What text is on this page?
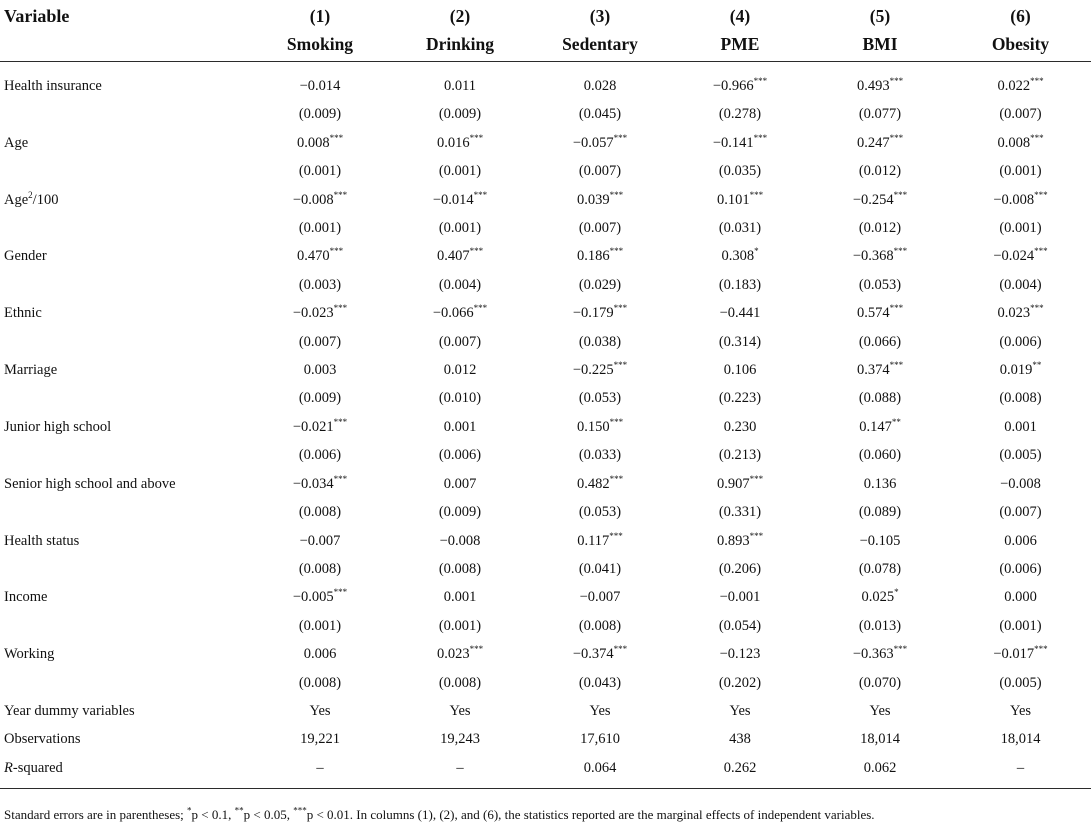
Variable	(1)	(2)	(3)	(4)	(5)	(6)
	Smoking	Drinking	Sedentary	PME	BMI	Obesity
Health insurance	−0.014	0.011	0.028	−0.966***	0.493***	0.022***
	(0.009)	(0.009)	(0.045)	(0.278)	(0.077)	(0.007)
Age	0.008***	0.016***	−0.057***	−0.141***	0.247***	0.008***
	(0.001)	(0.001)	(0.007)	(0.035)	(0.012)	(0.001)
Age$^2$/100	−0.008***	−0.014***	0.039***	0.101***	−0.254***	−0.008***
	(0.001)	(0.001)	(0.007)	(0.031)	(0.012)	(0.001)
Gender	0.470***	0.407***	0.186***	0.308*	−0.368***	−0.024***
	(0.003)	(0.004)	(0.029)	(0.183)	(0.053)	(0.004)
Ethnic	−0.023***	−0.066***	−0.179***	−0.441	0.574***	0.023***
	(0.007)	(0.007)	(0.038)	(0.314)	(0.066)	(0.006)
Marriage	0.003	0.012	−0.225***	0.106	0.374***	0.019**
	(0.009)	(0.010)	(0.053)	(0.223)	(0.088)	(0.008)
Junior high school	−0.021***	0.001	0.150***	0.230	0.147**	0.001
	(0.006)	(0.006)	(0.033)	(0.213)	(0.060)	(0.005)
Senior high school and above	−0.034***	0.007	0.482***	0.907***	0.136	−0.008
	(0.008)	(0.009)	(0.053)	(0.331)	(0.089)	(0.007)
Health status	−0.007	−0.008	0.117***	0.893***	−0.105	0.006
	(0.008)	(0.008)	(0.041)	(0.206)	(0.078)	(0.006)
Income	−0.005***	0.001	−0.007	−0.001	0.025*	0.000
	(0.001)	(0.001)	(0.008)	(0.054)	(0.013)	(0.001)
Working	0.006	0.023***	−0.374***	−0.123	−0.363***	−0.017***
	(0.008)	(0.008)	(0.043)	(0.202)	(0.070)	(0.005)
Year dummy variables	Yes	Yes	Yes	Yes	Yes	Yes
Observations	19,221	19,243	17,610	438	18,014	18,014
R-squared	–	–	0.064	0.262	0.062	–
Standard errors are in parentheses; *p < 0.1, **p < 0.05, ***p < 0.01. In columns (1), (2), and (6), the statistics reported are the marginal effects of independent variables.
